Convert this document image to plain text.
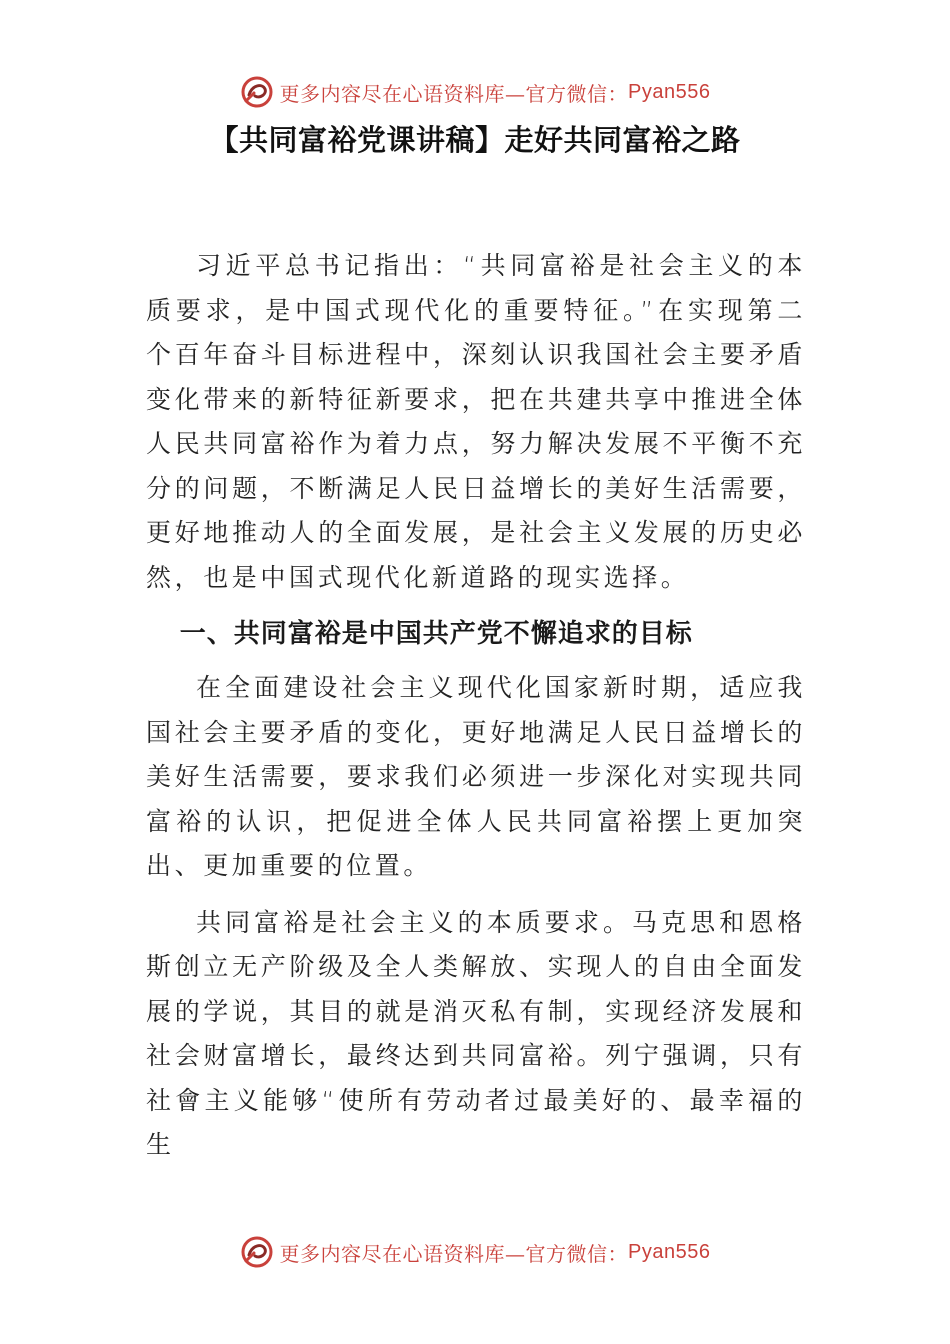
更多内容尽在心语资料库—官方微信： Pyan556
【共同富裕党课讲稿】走好共同富裕之路

习近平总书记指出：“共同富裕是社会主义的本质要求，是中国式现代化的重要特征。”在实现第二个百年奋斗目标进程中，深刻认识我国社会主要矛盾变化带来的新特征新要求，把在共建共享中推进全体人民共同富裕作为着力点，努力解决发展不平衡不充分的问题，不断满足人民日益增长的美好生活需要，更好地推动人的全面发展，是社会主义发展的历史必然，也是中国式现代化新道路的现实选择。

一、共同富裕是中国共产党不懈追求的目标

在全面建设社会主义现代化国家新时期，适应我国社会主要矛盾的变化，更好地满足人民日益增长的美好生活需要，要求我们必须进一步深化对实现共同富裕的认识，把促进全体人民共同富裕摆上更加突出、更加重要的位置。

共同富裕是社会主义的本质要求。马克思和恩格斯创立无产阶级及全人类解放、实现人的自由全面发展的学说，其目的就是消灭私有制，实现经济发展和社会财富增长，最终达到共同富裕。列宁强调，只有社會主义能够“使所有劳动者过最美好的、最幸福的生

更多内容尽在心语资料库—官方微信： Pyan556
